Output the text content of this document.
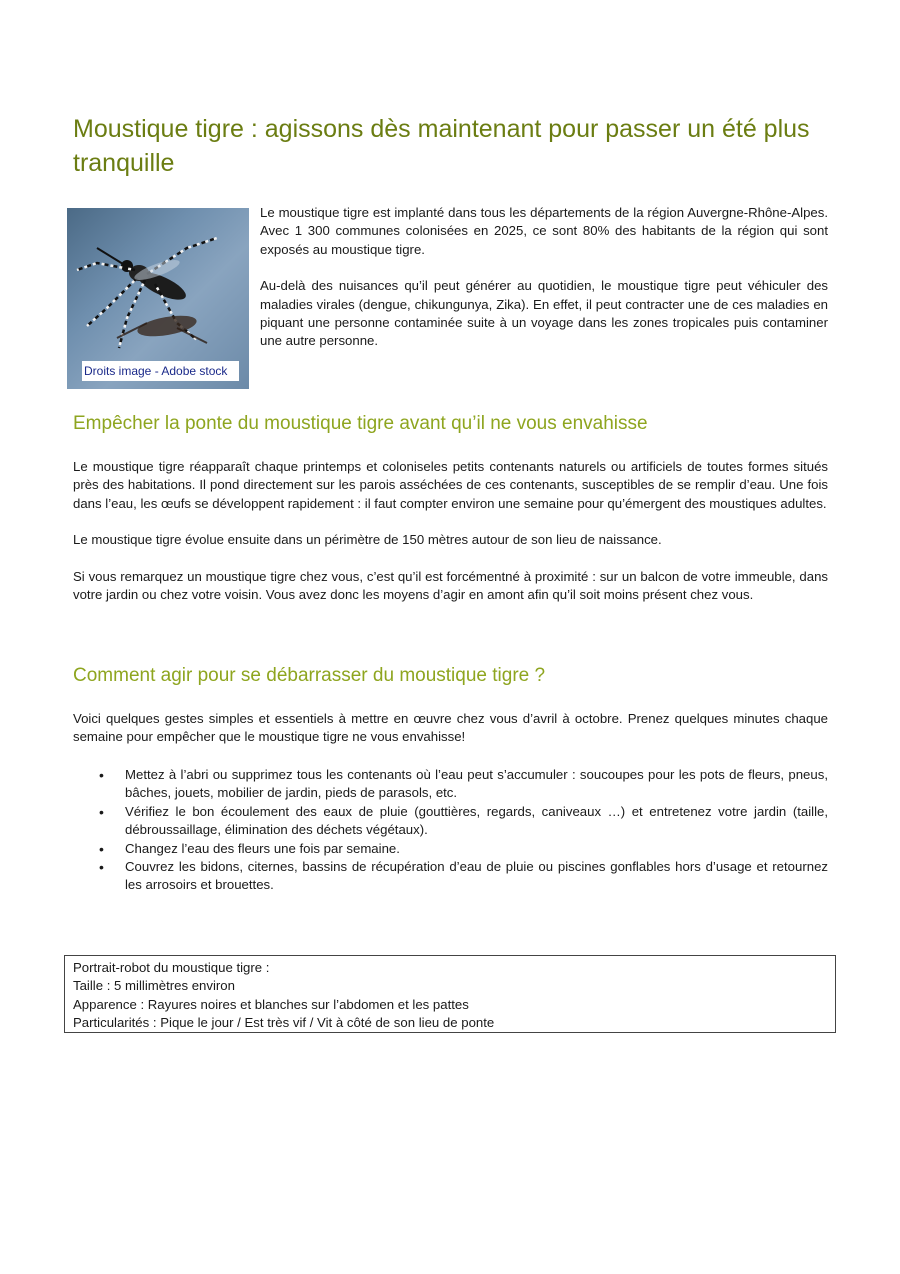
Moustique tigre : agissons dès maintenant pour passer un été plus tranquille
Droits image - Adobe stock

Le moustique tigre est implanté dans tous les départements de la région Auvergne-Rhône-Alpes. Avec 1 300 communes colonisées en 2025, ce sont 80% des habitants de la région qui sont exposés au moustique tigre.

Au-delà des nuisances qu’il peut générer au quotidien, le moustique tigre peut véhiculer des maladies virales (dengue, chikungunya, Zika). En effet, il peut contracter une de ces maladies en piquant une personne contaminée suite à un voyage dans les zones tropicales puis contaminer une autre personne.

Empêcher la ponte du moustique tigre avant qu’il ne vous envahisse

Le moustique tigre réapparaît chaque printemps et coloniseles petits contenants naturels ou artificiels de toutes formes situés près des habitations. Il pond directement sur les parois asséchées de ces contenants, susceptibles de se remplir d’eau. Une fois dans l’eau, les œufs se développent rapidement : il faut compter environ une semaine pour qu’émergent des moustiques adultes.

Le moustique tigre évolue ensuite dans un périmètre de 150 mètres autour de son lieu de naissance.

Si vous remarquez un moustique tigre chez vous, c’est qu’il est forcémentné à proximité : sur un balcon de votre immeuble, dans votre jardin ou chez votre voisin. Vous avez donc les moyens d’agir en amont afin qu’il soit moins présent chez vous.

Comment agir pour se débarrasser du moustique tigre ?

Voici quelques gestes simples et essentiels à mettre en œuvre chez vous d’avril à octobre. Prenez quelques minutes chaque semaine pour empêcher que le moustique tigre ne vous envahisse!

• Mettez à l’abri ou supprimez tous les contenants où l’eau peut s’accumuler : soucoupes pour les pots de fleurs, pneus, bâches, jouets, mobilier de jardin, pieds de parasols, etc.
• Vérifiez le bon écoulement des eaux de pluie (gouttières, regards, caniveaux …) et entretenez votre jardin (taille, débroussaillage, élimination des déchets végétaux).
• Changez l’eau des fleurs une fois par semaine.
• Couvrez les bidons, citernes, bassins de récupération d’eau de pluie ou piscines gonflables hors d’usage et retournez les arrosoirs et brouettes.
Portrait-robot du moustique tigre :
Taille : 5 millimètres environ
Apparence : Rayures noires et blanches sur l’abdomen et les pattes
Particularités : Pique le jour / Est très vif / Vit à côté de son lieu de ponte
